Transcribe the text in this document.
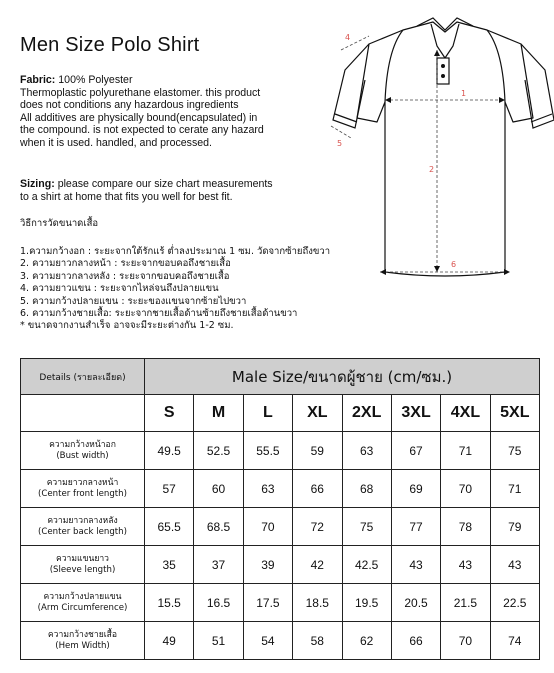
Men Size Polo Shirt
Fabric: 100% Polyester
Thermoplastic polyurethane elastomer. this product
does not conditions any hazardous ingredients
All additives are physically bound(encapsulated) in
the compound. is not expected to cerate any hazard
when it is used. handled, and processed.
Sizing: please compare our size chart measurements
to a shirt at home that fits you well for best fit.
วิธีการวัดขนาดเสื้อ
1.ความกว้างอก : ระยะจากใต้รักแร้ ต่ำลงประมาณ 1 ซม. วัดจากซ้ายถึงขวา
2. ความยาวกลางหน้า : ระยะจากขอบคอถึงชายเสื้อ
3. ความยาวกลางหลัง : ระยะจากขอบคอถึงชายเสื้อ
4. ความยาวแขน : ระยะจากไหล่จนถึงปลายแขน
5. ความกว้างปลายแขน : ระยะของแขนจากซ้ายไปขวา
6. ความกว้างชายเสื้อ: ระยะจากชายเสื้อด้านซ้ายถึงชายเสื้อด้านขวา
* ขนาดจากงานสำเร็จ อาจจะมีระยะต่างกัน 1-2 ซม.
1
2
4
5
6
Details (รายละเอียด)	Male Size/ขนาดผู้ชาย (cm/ซม.)							
	S	M	L	XL	2XL	3XL	4XL	5XL
ความกว้างหน้าอก
(Bust width)	49.5	52.5	55.5	59	63	67	71	75
ความยาวกลางหน้า
(Center front length)	57	60	63	66	68	69	70	71
ความยาวกลางหลัง
(Center back length)	65.5	68.5	70	72	75	77	78	79
ความแขนยาว
(Sleeve length)	35	37	39	42	42.5	43	43	43
ความกว้างปลายแขน
(Arm Circumference)	15.5	16.5	17.5	18.5	19.5	20.5	21.5	22.5
ความกว้างชายเสื้อ
(Hem Width)	49	51	54	58	62	66	70	74
